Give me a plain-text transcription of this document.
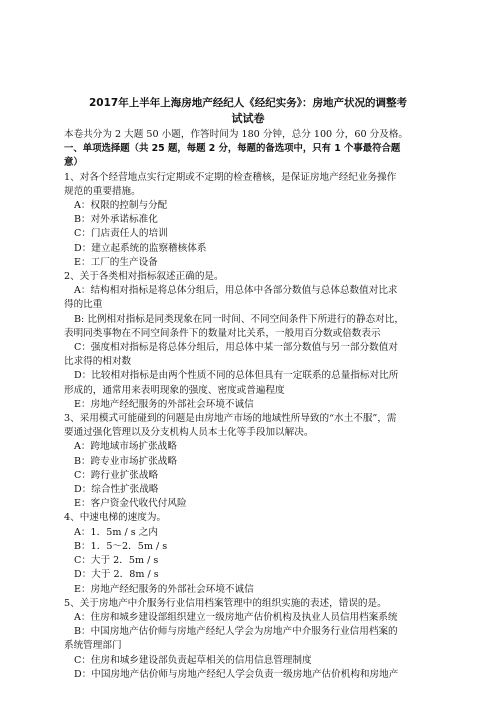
2017年上半年上海房地产经纪人《经纪实务》：房地产状况的调整考
试试卷
本卷共分为 2 大题 50 小题，作答时间为 180 分钟，总分 100 分，60 分及格。
一、单项选择题（共 25 题，每题 2 分，每题的备选项中，只有 1 个事最符合题
意）
1、对各个经营地点实行定期或不定期的检查稽核，是保证房地产经纪业务操作
规范的重要措施。
A：权限的控制与分配
B：对外承诺标准化
C：门店责任人的培训
D：建立起系统的监察稽核体系
E：工厂的生产设备
2、关于各类相对指标叙述正确的是。
A：结构相对指标是将总体分组后，用总体中各部分数值与总体总数值对比求
得的比重
B: 比例相对指标是同类现象在同一时间、不同空间条件下所进行的静态对比，
表明同类事物在不同空间条件下的数量对比关系，一般用百分数或倍数表示
C：强度相对指标是将总体分组后，用总体中某一部分数值与另一部分数值对
比求得的相对数
D：比较相对指标是由两个性质不同的总体但具有一定联系的总量指标对比所
形成的，通常用来表明现象的强度、密度或普遍程度
E：房地产经纪服务的外部社会环境不诚信
3、采用模式可能碰到的问题是由房地产市场的地域性所导致的“水土不服”，需
要通过强化管理以及分支机构人员本土化等手段加以解决。
A：跨地域市场扩张战略
B：跨专业市场扩张战略
C：跨行业扩张战略
D：综合性扩张战略
E：客户资金代收代付风险
4、中速电梯的速度为。
A：1．5m / s 之内
B：1．5～2．5m / s
C：大于 2．5m / s
D：大于 2．8m / s
E：房地产经纪服务的外部社会环境不诚信
5、关于房地产中介服务行业信用档案管理中的组织实施的表述，错误的是。
A：住房和城乡建设部组织建立一级房地产估价机构及执业人员信用档案系统
B：中国房地产估价师与房地产经纪人学会为房地产中介服务行业信用档案的
系统管理部门
C：住房和城乡建设部负责起草相关的信用信息管理制度
D：中国房地产估价师与房地产经纪人学会负责一级房地产估价机构和房地产
